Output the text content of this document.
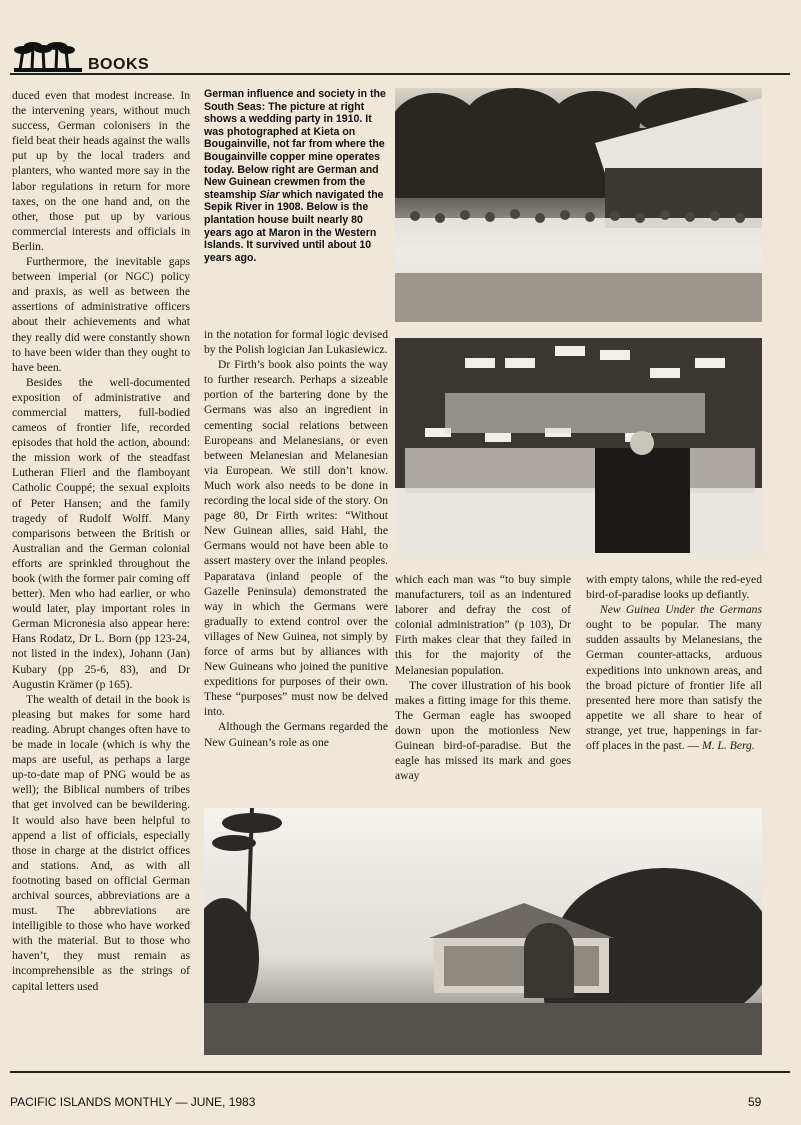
BOOKS

duced even that modest increase. In the intervening years, without much success, German colonisers in the field beat their heads against the walls put up by the local traders and planters, who wanted more say in the labor regulations in return for more taxes, on the one hand and, on the other, those put up by various commercial interests and officials in Berlin.

Furthermore, the inevitable gaps between imperial (or NGC) policy and praxis, as well as between the assertions of administrative officers about their achievements and what they really did were constantly shown to have been wider than they ought to have been.

Besides the well-documented exposition of administrative and commercial matters, full-bodied cameos of frontier life, recorded episodes that hold the action, abound: the mission work of the steadfast Lutheran Flierl and the flamboyant Catholic Couppé; the sexual exploits of Peter Hansen; and the family tragedy of Rudolf Wolff. Many comparisons between the British or Australian and the German colonial efforts are sprinkled throughout the book (with the former pair coming off better). Men who had earlier, or who would later, play important roles in German Micronesia also appear here: Hans Rodatz, Dr L. Born (pp 123-24, not listed in the index), Johann (Jan) Kubary (pp 25-6, 83), and Dr Augustin Krämer (p 165).

The wealth of detail in the book is pleasing but makes for some hard reading. Abrupt changes often have to be made in locale (which is why the maps are useful, as perhaps a large up-to-date map of PNG would be as well); the Biblical numbers of tribes that get involved can be bewildering. It would also have been helpful to append a list of officials, especially those in charge at the district offices and stations. And, as with all footnoting based on official German archival sources, abbreviations are a must. The abbreviations are intelligible to those who have worked with the material. But to those who haven’t, they must remain as incomprehensible as the strings of capital letters used

German influence and society in the South Seas: The picture at right shows a wedding party in 1910. It was photographed at Kieta on Bougainville, not far from where the Bougainville copper mine operates today. Below right are German and New Guinean crewmen from the steamship Siar which navigated the Sepik River in 1908. Below is the plantation house built nearly 80 years ago at Maron in the Western Islands. It survived until about 10 years ago.

in the notation for formal logic devised by the Polish logician Jan Lukasiewicz.

Dr Firth’s book also points the way to further research. Perhaps a sizeable portion of the bartering done by the Germans was also an ingredient in cementing social relations between Europeans and Melanesians, or even between Melanesian and Melanesian via European. We still don’t know. Much work also needs to be done in recording the local side of the story. On page 80, Dr Firth writes: “Without New Guinean allies, said Hahl, the Germans would not have been able to assert mastery over the inland peoples. Paparatava (inland people of the Gazelle Peninsula) demonstrated the way in which the Germans were gradually to extend control over the villages of New Guinea, not simply by force of arms but by alliances with New Guineans who joined the punitive expeditions for purposes of their own. These “purposes” must now be delved into.

Although the Germans regarded the New Guinean’s role as one

which each man was “to buy simple manufacturers, toil as an indentured laborer and defray the cost of colonial administration” (p 103), Dr Firth makes clear that they failed in this for the majority of the Melanesian population.

The cover illustration of his book makes a fitting image for this theme. The German eagle has swooped down upon the motionless New Guinean bird-of-paradise. But the eagle has missed its mark and goes away

with empty talons, while the red-eyed bird-of-paradise looks up defiantly.

New Guinea Under the Germans ought to be popular. The many sudden assaults by Melanesians, the German counter-attacks, arduous expeditions into unknown areas, and the broad picture of frontier life all presented here more than satisfy the appetite we all share to hear of strange, yet true, happenings in far-off places in the past. — M. L. Berg.

PACIFIC ISLANDS MONTHLY — JUNE, 1983	59
